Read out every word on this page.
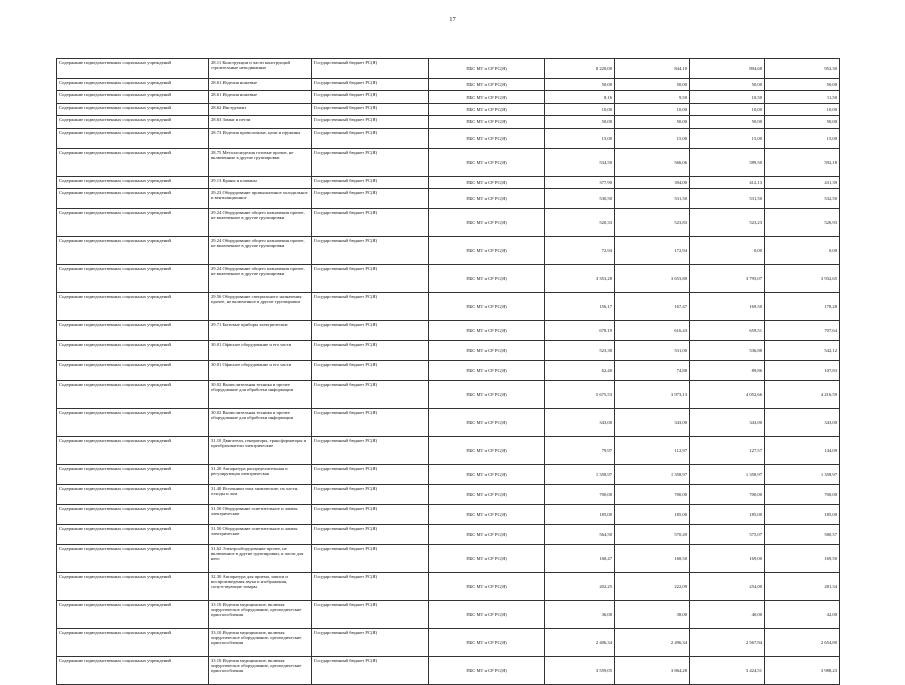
17
Содержание подведомственных социальных учреждений	28.11 Конструкции и части конструкций строительные неподвижные	Государственный бюджет РС(Я)	ПБС МТ и СР РС(Я)	8 220,00	844,10	894,68	952,30
Содержание подведомственных социальных учреждений	28.61 Изделия ножевые	Государственный бюджет РС(Я)	ПБС МТ и СР РС(Я)	50,00	50,00	50,00	50,00
Содержание подведомственных социальных учреждений	28.61 Изделия ножевые	Государственный бюджет РС(Я)	ПБС МТ и СР РС(Я)	8,16	9,50	10,50	11,50
Содержание подведомственных социальных учреждений	28.62 Инструмент	Государственный бюджет РС(Я)	ПБС МТ и СР РС(Я)	10,00	10,00	10,00	10,00
Содержание подведомственных социальных учреждений	28.63 Замки и петли	Государственный бюджет РС(Я)	ПБС МТ и СР РС(Я)	50,00	50,00	50,00	50,00
Содержание подведомственных социальных учреждений	28.73 Изделия проволочные, цепи и пружины	Государственный бюджет РС(Я)	ПБС МТ и СР РС(Я)	15,00	15,00	15,00	15,00
Содержание подведомственных социальных учреждений	28.75 Металлоизделия готовые прочие, не включенные в другие группировки	Государственный бюджет РС(Я)	ПБС МТ и СР РС(Я)	534,50	566,06	589,50	592,18
Содержание подведомственных социальных учреждений	29.13 Краны и клапаны	Государственный бюджет РС(Я)	ПБС МТ и СР РС(Я)	377,90	394,00	412,13	431,39
Содержание подведомственных социальных учреждений	29.23 Оборудование промышленное холодильное и вентиляционное	Государственный бюджет РС(Я)	ПБС МТ и СР РС(Я)	530,50	531,50	531,50	532,50
Содержание подведомственных социальных учреждений	29.24 Оборудование общего назначения прочее, не включенное в другие группировки	Государственный бюджет РС(Я)	ПБС МТ и СР РС(Я)	520,33	523,83	523,23	526,93
Содержание подведомственных социальных учреждений	29.24 Оборудование общего назначения прочее, не включенное в другие группировки	Государственный бюджет РС(Я)	ПБС МТ и СР РС(Я)	72,94	172,94	0,00	0,00
Содержание подведомственных социальных учреждений	29.24 Оборудование общего назначения прочее, не включенное в другие группировки	Государственный бюджет РС(Я)	ПБС МТ и СР РС(Я)	3 353,28	3 653,80	3 795,07	3 932,65
Содержание подведомственных социальных учреждений	29.56 Оборудование специального назначения прочее, не включенное в другие группировки	Государственный бюджет РС(Я)	ПБС МТ и СР РС(Я)	156,17	167,47	169,50	178,28
Содержание подведомственных социальных учреждений	29.71 Бытовые приборы электрические	Государственный бюджет РС(Я)	ПБС МТ и СР РС(Я)	678,19	616,43	659,51	707,64
Содержание подведомственных социальных учреждений	30.01 Офисное оборудование и его части	Государственный бюджет РС(Я)	ПБС МТ и СР РС(Я)	523,38	531,00	536,88	542,12
Содержание подведомственных социальных учреждений	30.01 Офисное оборудование и его части	Государственный бюджет РС(Я)	ПБС МТ и СР РС(Я)	62,40	74,88	89,86	107,83
Содержание подведомственных социальных учреждений	30.02 Вычислительная техника и прочее оборудование для обработки информации	Государственный бюджет РС(Я)	ПБС МТ и СР РС(Я)	5 675,53	3 973,13	4 052,66	4 216,59
Содержание подведомственных социальных учреждений	30.02 Вычислительная техника и прочее оборудование для обработки информации	Государственный бюджет РС(Я)	ПБС МТ и СР РС(Я)	343,00	343,00	343,00	343,00
Содержание подведомственных социальных учреждений	31.10 Двигатели, генераторы, трансформаторы и преобразователи электрические	Государственный бюджет РС(Я)	ПБС МТ и СР РС(Я)	79,97	112,97	127,57	144,09
Содержание подведомственных социальных учреждений	31.20 Аппаратура распределительная и регулирующая электрическая	Государственный бюджет РС(Я)	ПБС МТ и СР РС(Я)	1 358,97	1 358,97	1 358,97	1 358,97
Содержание подведомственных социальных учреждений	31.40 Источники тока химические, их части, отходы и лом	Государственный бюджет РС(Я)	ПБС МТ и СР РС(Я)	700,00	700,00	700,00	700,00
Содержание подведомственных социальных учреждений	31.50 Оборудование осветительное и лампы электрические	Государственный бюджет РС(Я)	ПБС МТ и СР РС(Я)	185,00	185,00	185,00	185,00
Содержание подведомственных социальных учреждений	31.50 Оборудование осветительное и лампы электрические	Государственный бюджет РС(Я)	ПБС МТ и СР РС(Я)	564,50	570,49	575,07	580,57
Содержание подведомственных социальных учреждений	31.62 Электрооборудование прочее, не включенное в другие группировки, и части для него	Государственный бюджет РС(Я)	ПБС МТ и СР РС(Я)	168,47	168,50	169,00	169,50
Содержание подведомственных социальных учреждений	32.30 Аппаратура для приема, записи и воспроизведения звука и изображения, сопутствующие товары	Государственный бюджет РС(Я)	ПБС МТ и СР РС(Я)	202,25	222,09	254,00	281,34
Содержание подведомственных социальных учреждений	33.10 Изделия медицинские, включая хирургическое оборудование, ортопедические приспособления	Государственный бюджет РС(Я)	ПБС МТ и СР РС(Я)	36,00	38,00	40,00	42,00
Содержание подведомственных социальных учреждений	33.10 Изделия медицинские, включая хирургическое оборудование, ортопедические приспособления	Государственный бюджет РС(Я)	ПБС МТ и СР РС(Я)	2 406,34	2 496,34	2 567,94	2 654,80
Содержание подведомственных социальных учреждений	33.10 Изделия медицинские, включая хирургическое оборудование, ортопедические приспособления	Государственный бюджет РС(Я)	ПБС МТ и СР РС(Я)	3 559,05	3 864,28	3 424,51	3 988,23
